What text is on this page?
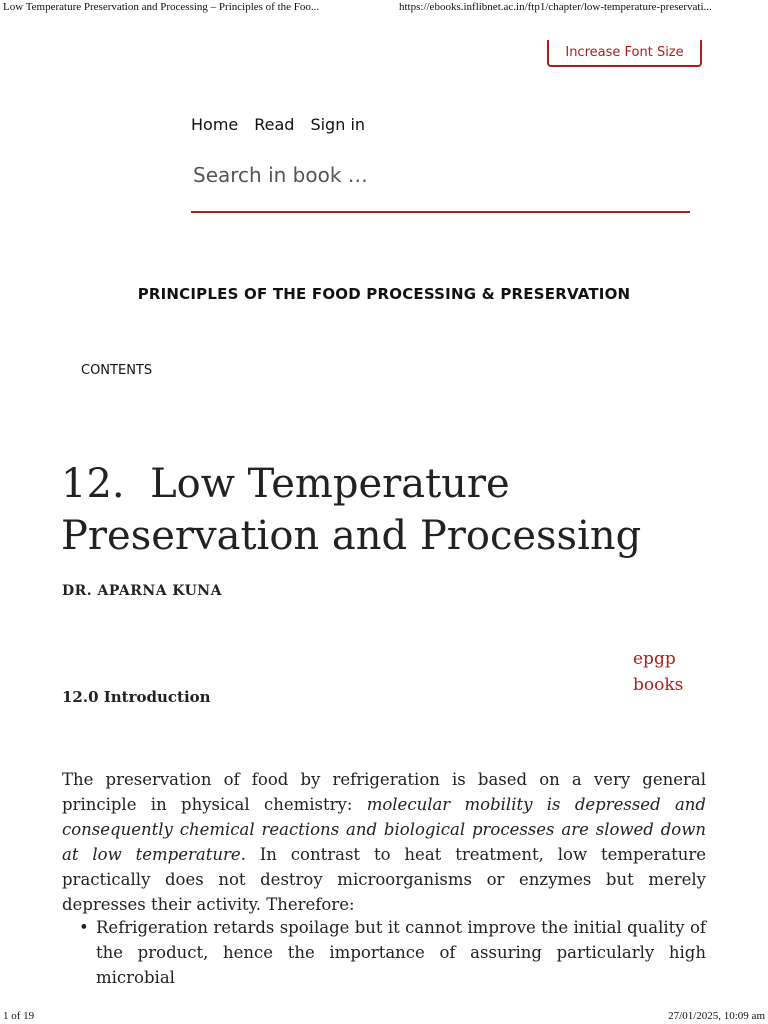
Low Temperature Preservation and Processing – Principles of the Foo...	https://ebooks.inflibnet.ac.in/ftp1/chapter/low-temperature-preservati...
Increase Font Size
Home Read Sign in
Search in book …
PRINCIPLES OF THE FOOD PROCESSING & PRESERVATION
CONTENTS
12. Low Temperature Preservation and Processing
DR. APARNA KUNA
epgp
books
12.0 Introduction

The preservation of food by refrigeration is based on a very general principle in physical chemistry: molecular mobility is depressed and consequently chemical reactions and biological processes are slowed down at low temperature. In contrast to heat treatment, low temperature practically does not destroy microorganisms or enzymes but merely depresses their activity. Therefore:

• Refrigeration retards spoilage but it cannot improve the initial quality of the product, hence the importance of assuring particularly high microbial
1 of 19	27/01/2025, 10:09 am
